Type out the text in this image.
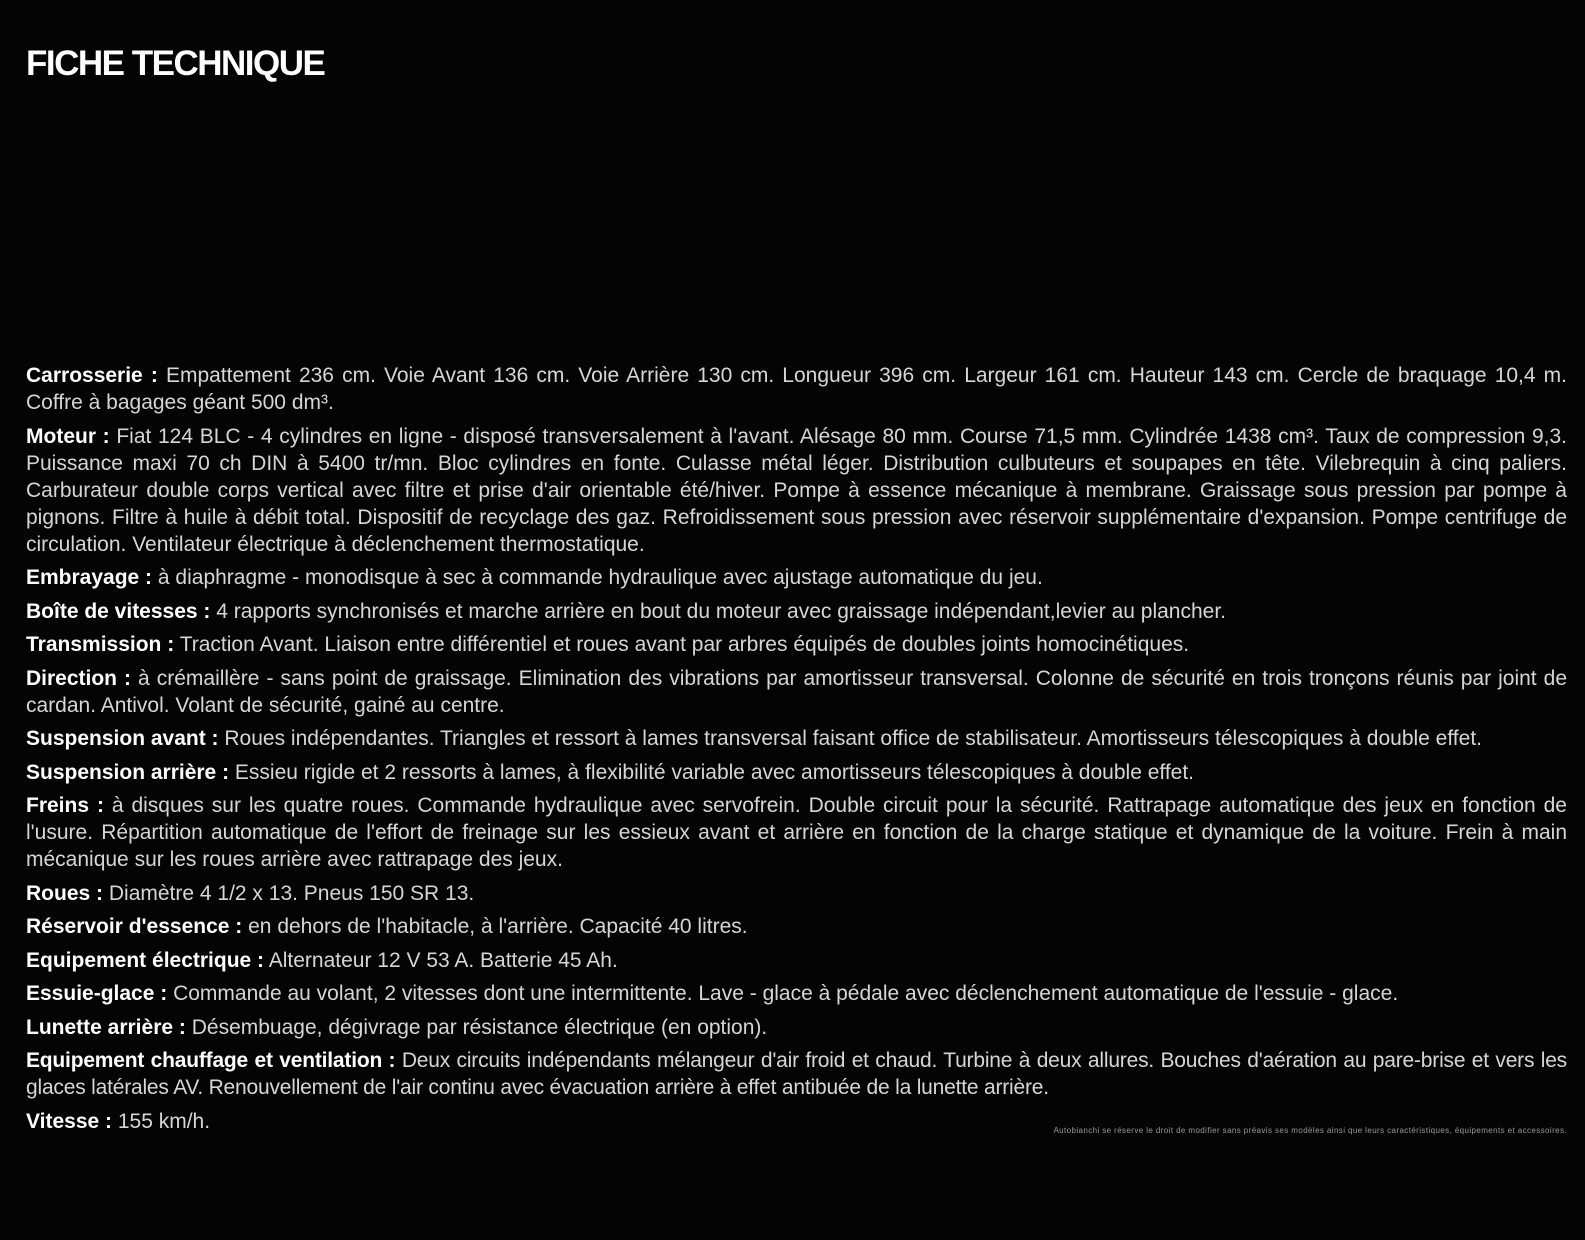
FICHE TECHNIQUE
Carrosserie : Empattement 236 cm. Voie Avant 136 cm. Voie Arrière 130 cm. Longueur 396 cm. Largeur 161 cm. Hauteur 143 cm. Cercle de braquage 10,4 m. Coffre à bagages géant 500 dm³.
Moteur : Fiat 124 BLC - 4 cylindres en ligne - disposé transversalement à l'avant. Alésage 80 mm. Course 71,5 mm. Cylindrée 1438 cm³. Taux de compression 9,3. Puissance maxi 70 ch DIN à 5400 tr/mn. Bloc cylindres en fonte. Culasse métal léger. Distribution culbuteurs et soupapes en tête. Vilebrequin à cinq paliers. Carburateur double corps vertical avec filtre et prise d'air orientable été/hiver. Pompe à essence mécanique à membrane. Graissage sous pression par pompe à pignons. Filtre à huile à débit total. Dispositif de recyclage des gaz. Refroidissement sous pression avec réservoir supplémentaire d'expansion. Pompe centrifuge de circulation. Ventilateur électrique à déclenchement thermostatique.
Embrayage : à diaphragme - monodisque à sec à commande hydraulique avec ajustage automatique du jeu.
Boîte de vitesses : 4 rapports synchronisés et marche arrière en bout du moteur avec graissage indépendant,levier au plancher.
Transmission : Traction Avant. Liaison entre différentiel et roues avant par arbres équipés de doubles joints homocinétiques.
Direction : à crémaillère - sans point de graissage. Elimination des vibrations par amortisseur transversal. Colonne de sécurité en trois tronçons réunis par joint de cardan. Antivol. Volant de sécurité, gainé au centre.
Suspension avant : Roues indépendantes. Triangles et ressort à lames transversal faisant office de stabilisateur. Amortisseurs télescopiques à double effet.
Suspension arrière : Essieu rigide et 2 ressorts à lames, à flexibilité variable avec amortisseurs télescopiques à double effet.
Freins : à disques sur les quatre roues. Commande hydraulique avec servofrein. Double circuit pour la sécurité. Rattrapage automatique des jeux en fonction de l'usure. Répartition automatique de l'effort de freinage sur les essieux avant et arrière en fonction de la charge statique et dynamique de la voiture. Frein à main mécanique sur les roues arrière avec rattrapage des jeux.
Roues : Diamètre 4 1/2 x 13. Pneus 150 SR 13.
Réservoir d'essence : en dehors de l'habitacle, à l'arrière. Capacité 40 litres.
Equipement électrique : Alternateur 12 V 53 A. Batterie 45 Ah.
Essuie-glace : Commande au volant, 2 vitesses dont une intermittente. Lave - glace à pédale avec déclenchement automatique de l'essuie - glace.
Lunette arrière : Désembuage, dégivrage par résistance électrique (en option).
Equipement chauffage et ventilation : Deux circuits indépendants mélangeur d'air froid et chaud. Turbine à deux allures. Bouches d'aération au pare-brise et vers les glaces latérales AV. Renouvellement de l'air continu avec évacuation arrière à effet antibuée de la lunette arrière.
Vitesse : 155 km/h.	Autobianchi se réserve le droit de modifier sans préavis ses modèles ainsi que leurs caractéristiques, équipements et accessoires.
